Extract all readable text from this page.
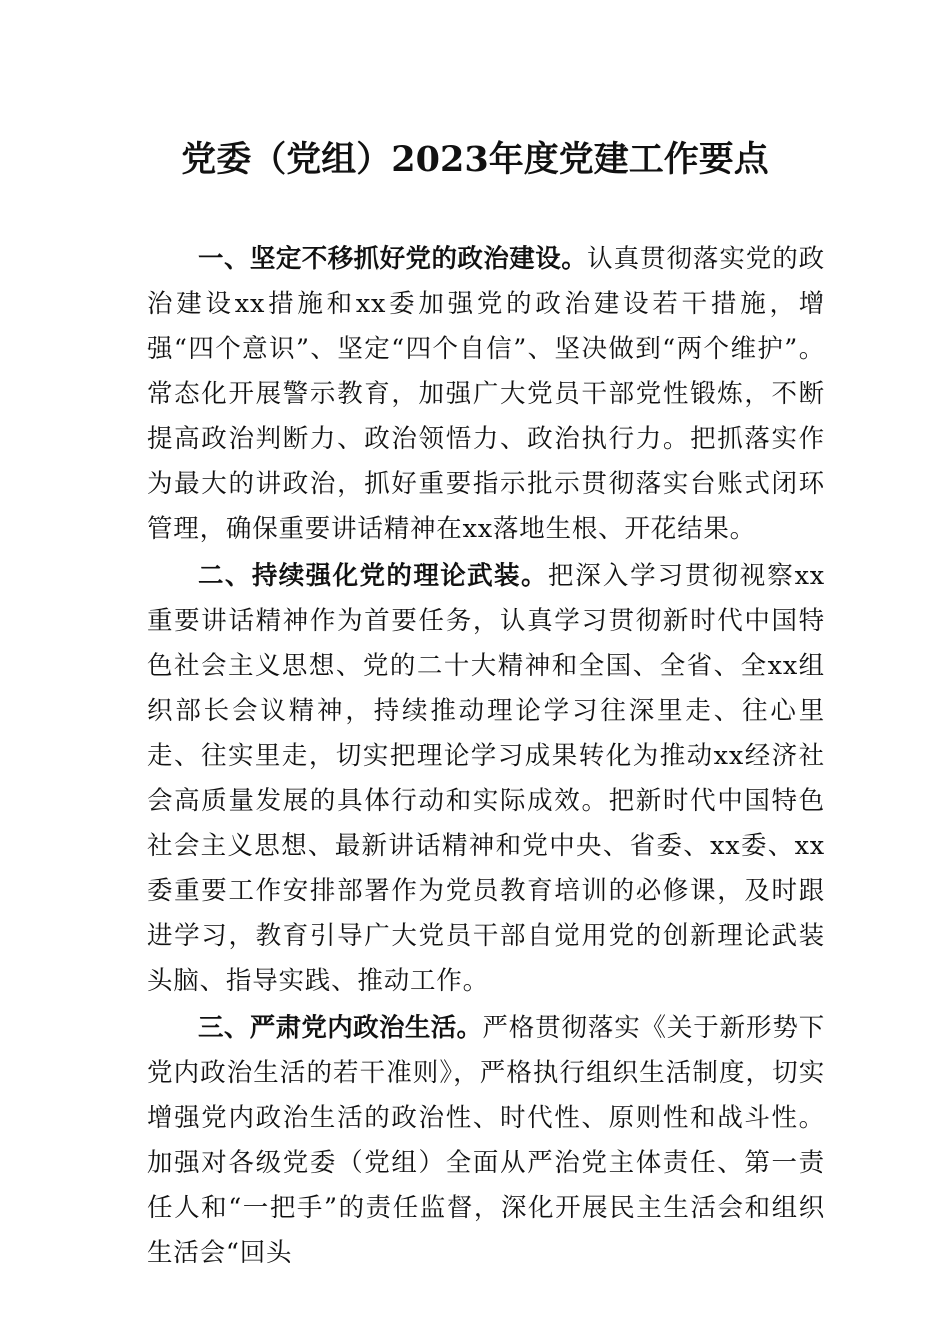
党委（党组）2023年度党建工作要点

一、坚定不移抓好党的政治建设。认真贯彻落实党的政治建设xx措施和xx委加强党的政治建设若干措施，增强“四个意识”、坚定“四个自信”、坚决做到“两个维护”。常态化开展警示教育，加强广大党员干部党性锻炼，不断提高政治判断力、政治领悟力、政治执行力。把抓落实作为最大的讲政治，抓好重要指示批示贯彻落实台账式闭环管理，确保重要讲话精神在xx落地生根、开花结果。

二、持续强化党的理论武装。把深入学习贯彻视察xx重要讲话精神作为首要任务，认真学习贯彻新时代中国特色社会主义思想、党的二十大精神和全国、全省、全xx组织部长会议精神，持续推动理论学习往深里走、往心里走、往实里走，切实把理论学习成果转化为推动xx经济社会高质量发展的具体行动和实际成效。把新时代中国特色社会主义思想、最新讲话精神和党中央、省委、xx委、xx委重要工作安排部署作为党员教育培训的必修课，及时跟进学习，教育引导广大党员干部自觉用党的创新理论武装头脑、指导实践、推动工作。

三、严肃党内政治生活。严格贯彻落实《关于新形势下党内政治生活的若干准则》，严格执行组织生活制度，切实增强党内政治生活的政治性、时代性、原则性和战斗性。加强对各级党委（党组）全面从严治党主体责任、第一责任人和“一把手”的责任监督，深化开展民主生活会和组织生活会“回头
